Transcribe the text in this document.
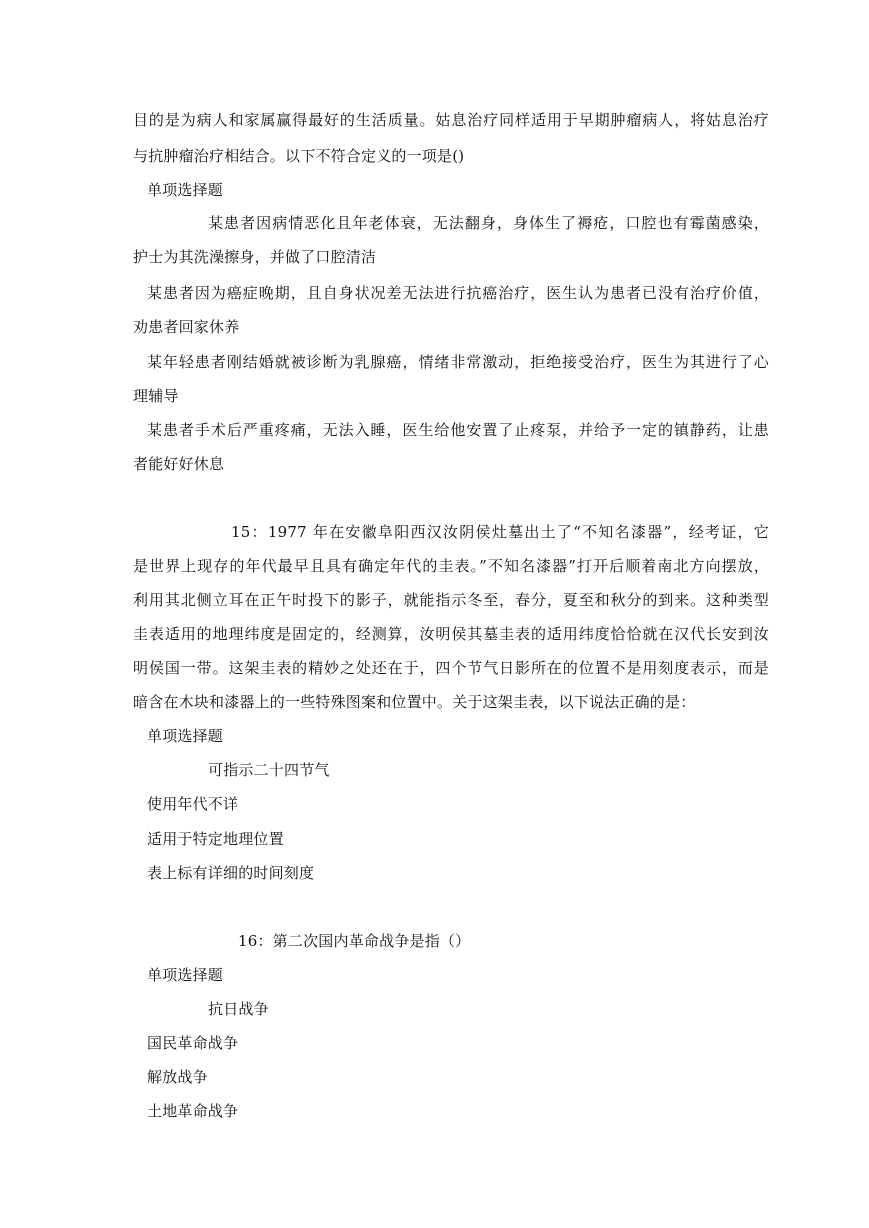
目的是为病人和家属赢得最好的生活质量。姑息治疗同样适用于早期肿瘤病人，将姑息治疗
与抗肿瘤治疗相结合。以下不符合定义的一项是()
单项选择题
某患者因病情恶化且年老体衰，无法翻身，身体生了褥疮，口腔也有霉菌感染，
护士为其洗澡擦身，并做了口腔清洁
某患者因为癌症晚期，且自身状况差无法进行抗癌治疗，医生认为患者已没有治疗价值，
劝患者回家休养
某年轻患者刚结婚就被诊断为乳腺癌，情绪非常激动，拒绝接受治疗，医生为其进行了心
理辅导
某患者手术后严重疼痛，无法入睡，医生给他安置了止疼泵，并给予一定的镇静药，让患
者能好好休息
15：1977 年在安徽阜阳西汉汝阴侯灶墓出土了“不知名漆器”，经考证，它
是世界上现存的年代最早且具有确定年代的圭表。”不知名漆器”打开后顺着南北方向摆放，
利用其北侧立耳在正午时投下的影子，就能指示冬至，春分，夏至和秋分的到来。这种类型
圭表适用的地理纬度是固定的，经测算，汝明侯其墓圭表的适用纬度恰恰就在汉代长安到汝
明侯国一带。这架圭表的精妙之处还在于，四个节气日影所在的位置不是用刻度表示，而是
暗含在木块和漆器上的一些特殊图案和位置中。关于这架圭表，以下说法正确的是：
单项选择题
可指示二十四节气
使用年代不详
适用于特定地理位置
表上标有详细的时间刻度
16：第二次国内革命战争是指（）
单项选择题
抗日战争
国民革命战争
解放战争
土地革命战争
